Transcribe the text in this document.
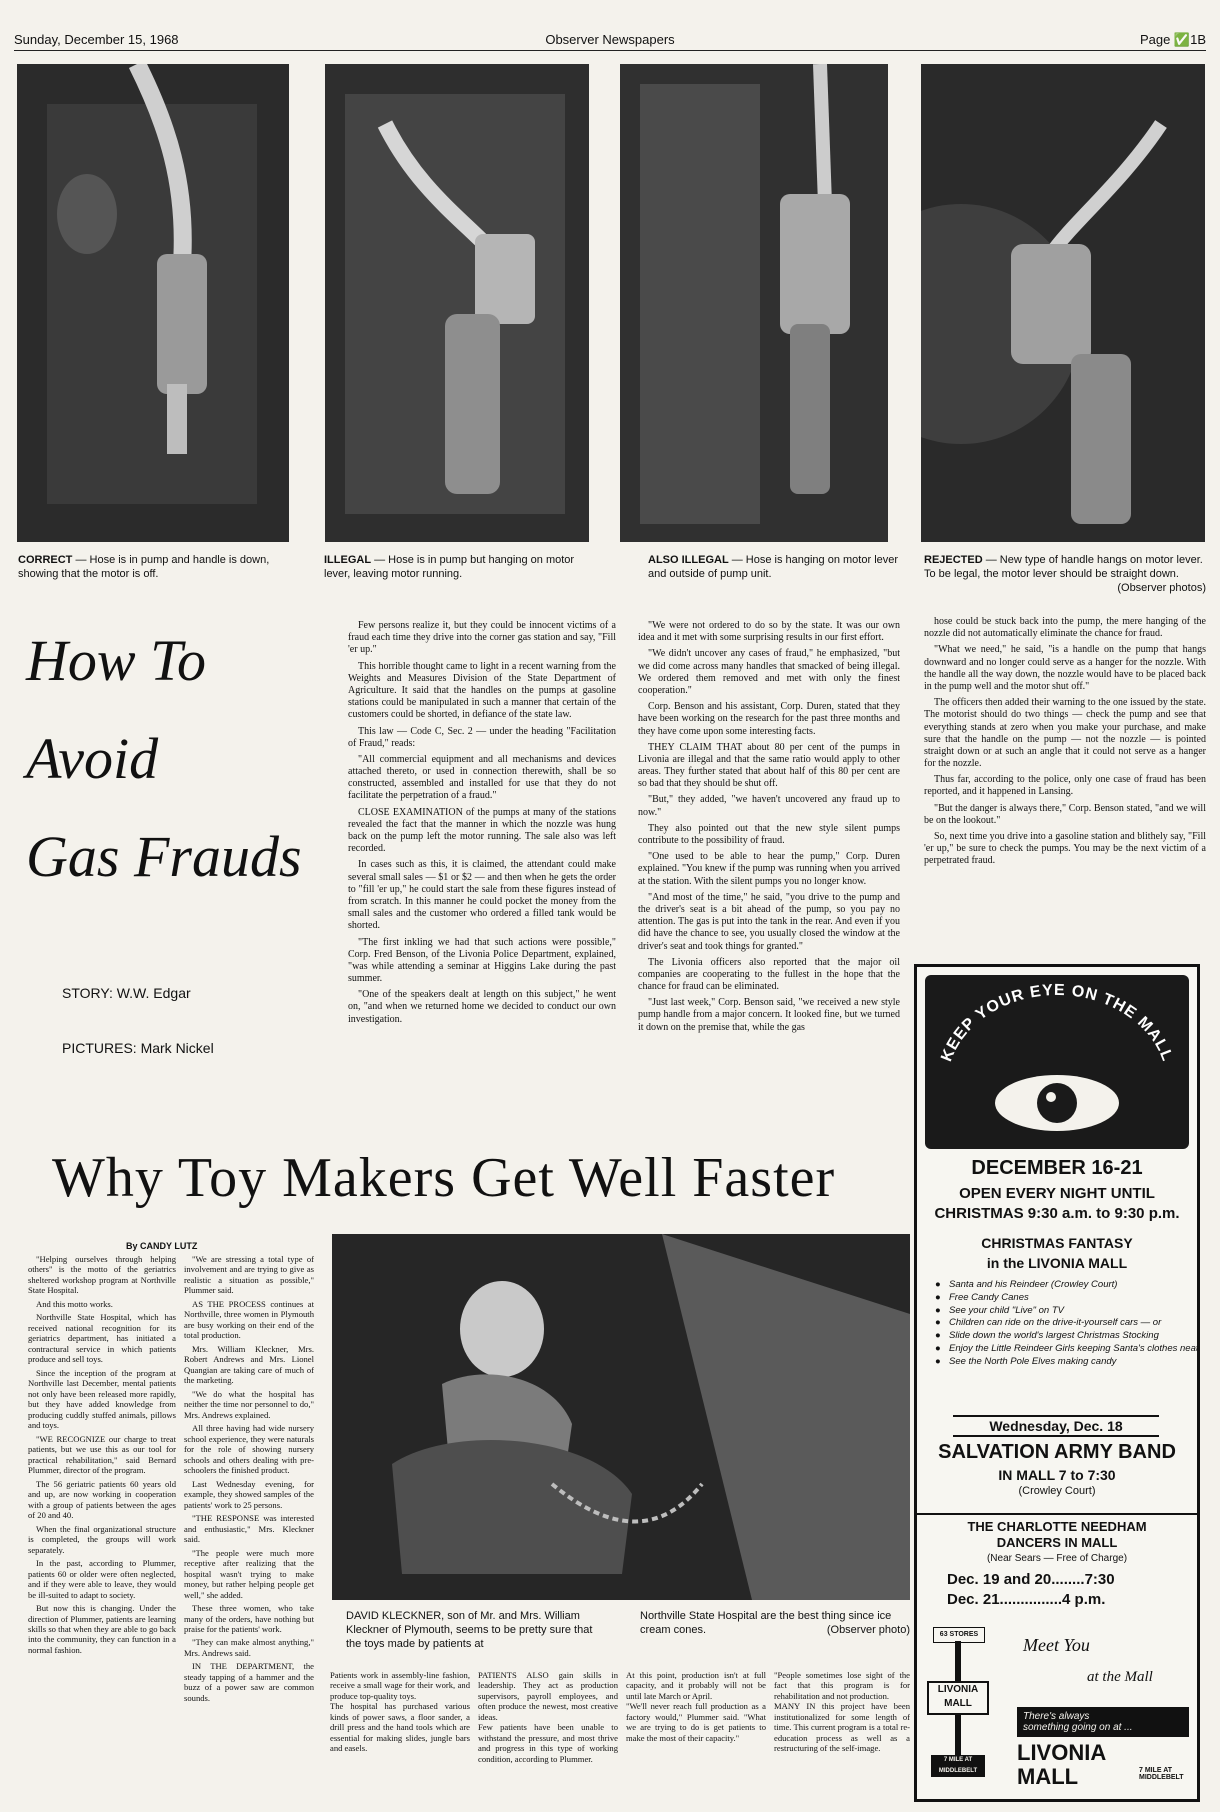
Sunday, December 15, 1968	Observer Newspapers	Page ✅1B
CORRECT — Hose is in pump and handle is down, showing that the motor is off.
ILLEGAL — Hose is in pump but hanging on motor lever, leaving motor running.
ALSO ILLEGAL — Hose is hanging on motor lever and outside of pump unit.
REJECTED — New type of handle hangs on motor lever. To be legal, the motor lever should be straight down.
(Observer photos)
How To
Avoid
Gas Frauds
STORY: W.W. Edgar
PICTURES: Mark Nickel

Few persons realize it, but they could be innocent victims of a fraud each time they drive into the corner gas station and say, "Fill 'er up."

This horrible thought came to light in a recent warning from the Weights and Measures Division of the State Department of Agriculture. It said that the handles on the pumps at gasoline stations could be manipulated in such a manner that certain of the customers could be shorted, in defiance of the state law.

This law — Code C, Sec. 2 — under the heading "Facilitation of Fraud," reads:

"All commercial equipment and all mechanisms and devices attached thereto, or used in connection therewith, shall be so constructed, assembled and installed for use that they do not facilitate the perpetration of a fraud."

CLOSE EXAMINATION of the pumps at many of the stations revealed the fact that the manner in which the nozzle was hung back on the pump left the motor running. The sale also was left recorded.

In cases such as this, it is claimed, the attendant could make several small sales — $1 or $2 — and then when he gets the order to "fill 'er up," he could start the sale from these figures instead of from scratch. In this manner he could pocket the money from the small sales and the customer who ordered a filled tank would be shorted.

"The first inkling we had that such actions were possible," Corp. Fred Benson, of the Livonia Police Department, explained, "was while attending a seminar at Higgins Lake during the past summer.

"One of the speakers dealt at length on this subject," he went on, "and when we returned home we decided to conduct our own investigation.

"We were not ordered to do so by the state. It was our own idea and it met with some surprising results in our first effort.

"We didn't uncover any cases of fraud," he emphasized, "but we did come across many handles that smacked of being illegal. We ordered them removed and met with only the finest cooperation."

Corp. Benson and his assistant, Corp. Duren, stated that they have been working on the research for the past three months and they have come upon some interesting facts.

THEY CLAIM THAT about 80 per cent of the pumps in Livonia are illegal and that the same ratio would apply to other areas. They further stated that about half of this 80 per cent are so bad that they should be shut off.

"But," they added, "we haven't uncovered any fraud up to now."

They also pointed out that the new style silent pumps contribute to the possibility of fraud.

"One used to be able to hear the pump," Corp. Duren explained. "You knew if the pump was running when you arrived at the station. With the silent pumps you no longer know.

"And most of the time," he said, "you drive to the pump and the driver's seat is a bit ahead of the pump, so you pay no attention. The gas is put into the tank in the rear. And even if you did have the chance to see, you usually closed the window at the driver's seat and took things for granted."

The Livonia officers also reported that the major oil companies are cooperating to the fullest in the hope that the chance for fraud can be eliminated.

"Just last week," Corp. Benson said, "we received a new style pump handle from a major concern. It looked fine, but we turned it down on the premise that, while the gas

hose could be stuck back into the pump, the mere hanging of the nozzle did not automatically eliminate the chance for fraud.

"What we need," he said, "is a handle on the pump that hangs downward and no longer could serve as a hanger for the nozzle. With the handle all the way down, the nozzle would have to be placed back in the pump well and the motor shut off."

The officers then added their warning to the one issued by the state. The motorist should do two things — check the pump and see that everything stands at zero when you make your purchase, and make sure that the handle on the pump — not the nozzle — is pointed straight down or at such an angle that it could not serve as a hanger for the nozzle.

Thus far, according to the police, only one case of fraud has been reported, and it happened in Lansing.

"But the danger is always there," Corp. Benson stated, "and we will be on the lookout."

So, next time you drive into a gasoline station and blithely say, "Fill 'er up," be sure to check the pumps. You may be the next victim of a perpetrated fraud.

Why Toy Makers Get Well Faster
By CANDY LUTZ

"Helping ourselves through helping others" is the motto of the geriatrics sheltered workshop program at Northville State Hospital.

And this motto works.

Northville State Hospital, which has received national recognition for its geriatrics department, has initiated a contractural service in which patients produce and sell toys.

Since the inception of the program at Northville last December, mental patients not only have been released more rapidly, but they have added knowledge from producing cuddly stuffed animals, pillows and toys.

"WE RECOGNIZE our charge to treat patients, but we use this as our tool for practical rehabilitation," said Bernard Plummer, director of the program.

The 56 geriatric patients 60 years old and up, are now working in cooperation with a group of patients between the ages of 20 and 40.

When the final organizational structure is completed, the groups will work separately.

In the past, according to Plummer, patients 60 or older were often neglected, and if they were able to leave, they would be ill-suited to adapt to society.

But now this is changing. Under the direction of Plummer, patients are learning skills so that when they are able to go back into the community, they can function in a normal fashion.

"We are stressing a total type of involvement and are trying to give as realistic a situation as possible," Plummer said.

AS THE PROCESS continues at Northville, three women in Plymouth are busy working on their end of the total production.

Mrs. William Kleckner, Mrs. Robert Andrews and Mrs. Lionel Quangian are taking care of much of the marketing.

"We do what the hospital has neither the time nor personnel to do," Mrs. Andrews explained.

All three having had wide nursery school experience, they were naturals for the role of showing nursery schools and others dealing with pre-schoolers the finished product.

Last Wednesday evening, for example, they showed samples of the patients' work to 25 persons.

"THE RESPONSE was interested and enthusiastic," Mrs. Kleckner said.

"The people were much more receptive after realizing that the hospital wasn't trying to make money, but rather helping people get well," she added.

These three women, who take many of the orders, have nothing but praise for the patients' work.

"They can make almost anything," Mrs. Andrews said.

IN THE DEPARTMENT, the steady tapping of a hammer and the buzz of a power saw are common sounds.

DAVID KLECKNER, son of Mr. and Mrs. William Kleckner of Plymouth, seems to be pretty sure that the toys made by patients at
Northville State Hospital are the best thing since ice cream cones.	(Observer photo)
Patients work in assembly-line fashion, receive a small wage for their work, and produce top-quality toys.
The hospital has purchased various kinds of power saws, a floor sander, a drill press and the hand tools which are essential for making slides, jungle bars and easels.
PATIENTS ALSO gain skills in leadership. They act as production supervisors, payroll employees, and often produce the newest, most creative ideas.
Few patients have been unable to withstand the pressure, and most thrive and progress in this type of working condition, according to Plummer.
At this point, production isn't at full capacity, and it probably will not be until late March or April.
"We'll never reach full production as a factory would," Plummer said. "What we are trying to do is get patients to make the most of their capacity."
"People sometimes lose sight of the fact that this program is for rehabilitation and not production.
MANY IN this project have been institutionalized for some length of time. This current program is a total re-education process as well as a restructuring of the self-image.
KEEP YOUR EYE ON THE MALL
DECEMBER 16-21
OPEN EVERY NIGHT UNTIL
CHRISTMAS 9:30 a.m. to 9:30 p.m.
CHRISTMAS FANTASY
in the LIVONIA MALL
● Santa and his Reindeer (Crowley Court)
● Free Candy Canes
● See your child "Live" on TV
● Children can ride on the drive-it-yourself cars — or
● Slide down the world's largest Christmas Stocking
● Enjoy the Little Reindeer Girls keeping Santa's clothes neat.
● See the North Pole Elves making candy
Wednesday, Dec. 18
SALVATION ARMY BAND
IN MALL 7 to 7:30
(Crowley Court)
THE CHARLOTTE NEEDHAM
DANCERS IN MALL
(Near Sears — Free of Charge)
Dec. 19 and 20........7:30
Dec. 21...............4 p.m.
63 STORES
LIVONIA MALL
7 MILE AT MIDDLEBELT
Meet You
at the Mall
There's always
something going on at ...
LIVONIA MALL	7 MILE AT MIDDLEBELT
